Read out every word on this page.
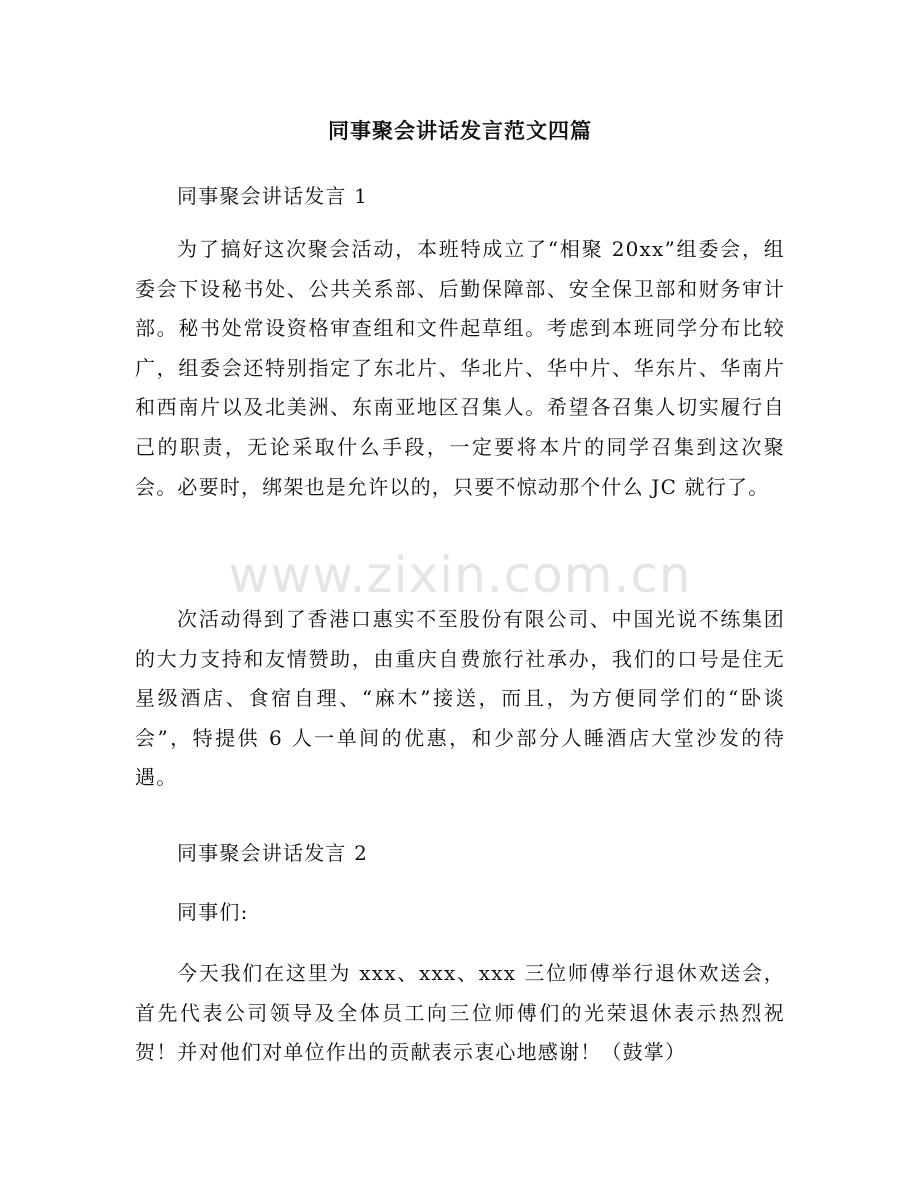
同事聚会讲话发言范文四篇
同事聚会讲话发言 1
为了搞好这次聚会活动，本班特成立了“相聚 20xx”组委会，组委会下设秘书处、公共关系部、后勤保障部、安全保卫部和财务审计部。秘书处常设资格审查组和文件起草组。考虑到本班同学分布比较广，组委会还特别指定了东北片、华北片、华中片、华东片、华南片和西南片以及北美洲、东南亚地区召集人。希望各召集人切实履行自己的职责，无论采取什么手段，一定要将本片的同学召集到这次聚会。必要时，绑架也是允许以的，只要不惊动那个什么 JC 就行了。
次活动得到了香港口惠实不至股份有限公司、中国光说不练集团的大力支持和友情赞助，由重庆自费旅行社承办，我们的口号是住无星级酒店、食宿自理、“麻木”接送，而且，为方便同学们的“卧谈会”，特提供 6 人一单间的优惠，和少部分人睡酒店大堂沙发的待遇。
同事聚会讲话发言 2
同事们:
今天我们在这里为 xxx、xxx、xxx 三位师傅举行退休欢送会，首先代表公司领导及全体员工向三位师傅们的光荣退休表示热烈祝贺！并对他们对单位作出的贡献表示衷心地感谢！（鼓掌）
www.zixin.com.cn
